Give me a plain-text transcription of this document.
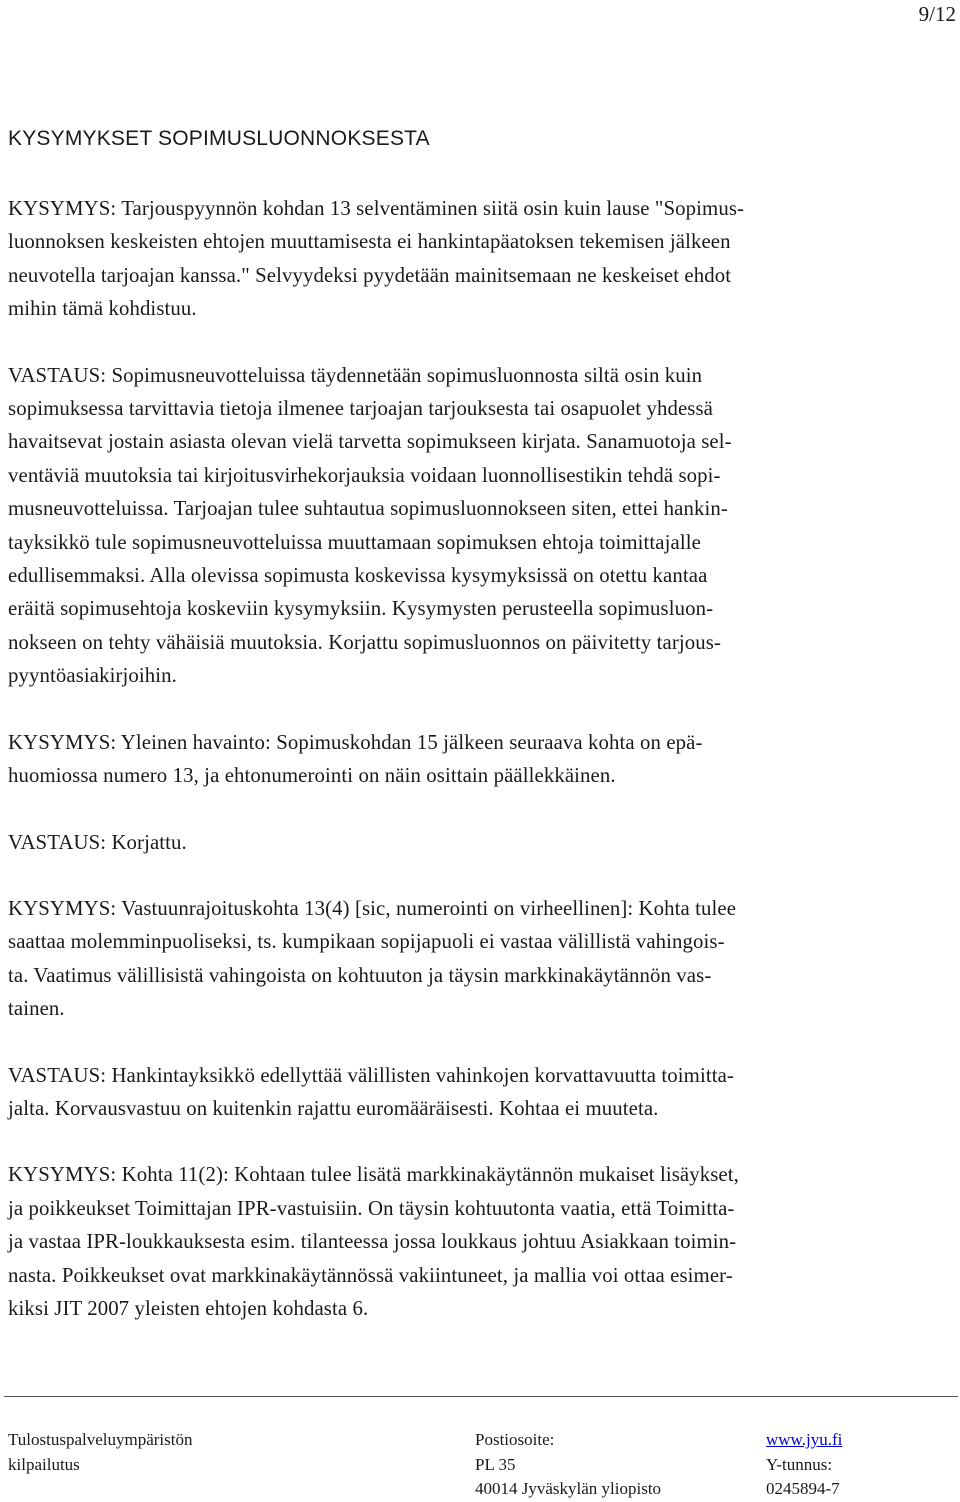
9/12
KYSYMYKSET SOPIMUSLUONNOKSESTA

KYSYMYS: Tarjouspyynnön kohdan 13 selventäminen siitä osin kuin lause "Sopimus-
luonnoksen keskeisten ehtojen muuttamisesta ei hankintapäatoksen tekemisen jälkeen
neuvotella tarjoajan kanssa." Selvyydeksi pyydetään mainitsemaan ne keskeiset ehdot
mihin tämä kohdistuu.

VASTAUS: Sopimusneuvotteluissa täydennetään sopimusluonnosta siltä osin kuin
sopimuksessa tarvittavia tietoja ilmenee tarjoajan tarjouksesta tai osapuolet yhdessä
havaitsevat jostain asiasta olevan vielä tarvetta sopimukseen kirjata. Sanamuotoja sel-
ventäviä muutoksia tai kirjoitusvirhekorjauksia voidaan luonnollisestikin tehdä sopi-
musneuvotteluissa. Tarjoajan tulee suhtautua sopimusluonnokseen siten, ettei hankin-
tayksikkö tule sopimusneuvotteluissa muuttamaan sopimuksen ehtoja toimittajalle
edullisemmaksi. Alla olevissa sopimusta koskevissa kysymyksissä on otettu kantaa
eräitä sopimusehtoja koskeviin kysymyksiin. Kysymysten perusteella sopimusluon-
nokseen on tehty vähäisiä muutoksia. Korjattu sopimusluonnos on päivitetty tarjous-
pyyntöasiakirjoihin.

KYSYMYS: Yleinen havainto: Sopimuskohdan 15 jälkeen seuraava kohta on epä-
huomiossa numero 13, ja ehtonumerointi on näin osittain päällekkäinen.

VASTAUS: Korjattu.

KYSYMYS: Vastuunrajoituskohta 13(4) [sic, numerointi on virheellinen]: Kohta tulee
saattaa molemminpuoliseksi, ts. kumpikaan sopijapuoli ei vastaa välillistä vahingois-
ta. Vaatimus välillisistä vahingoista on kohtuuton ja täysin markkinakäytännön vas-
tainen.

VASTAUS: Hankintayksikkö edellyttää välillisten vahinkojen korvattavuutta toimitta-
jalta. Korvausvastuu on kuitenkin rajattu euromääräisesti. Kohtaa ei muuteta.

KYSYMYS: Kohta 11(2): Kohtaan tulee lisätä markkinakäytännön mukaiset lisäykset,
ja poikkeukset Toimittajan IPR-vastuisiin. On täysin kohtuutonta vaatia, että Toimitta-
ja vastaa IPR-loukkauksesta esim. tilanteessa jossa loukkaus johtuu Asiakkaan toimin-
nasta. Poikkeukset ovat markkinakäytännössä vakiintuneet, ja mallia voi ottaa esimer-
kiksi JIT 2007 yleisten ehtojen kohdasta 6.

Tulostuspalveluympäristön
kilpailutus
Postiosoite:
PL 35
40014 Jyväskylän yliopisto
www.jyu.fi
Y-tunnus:
0245894-7
